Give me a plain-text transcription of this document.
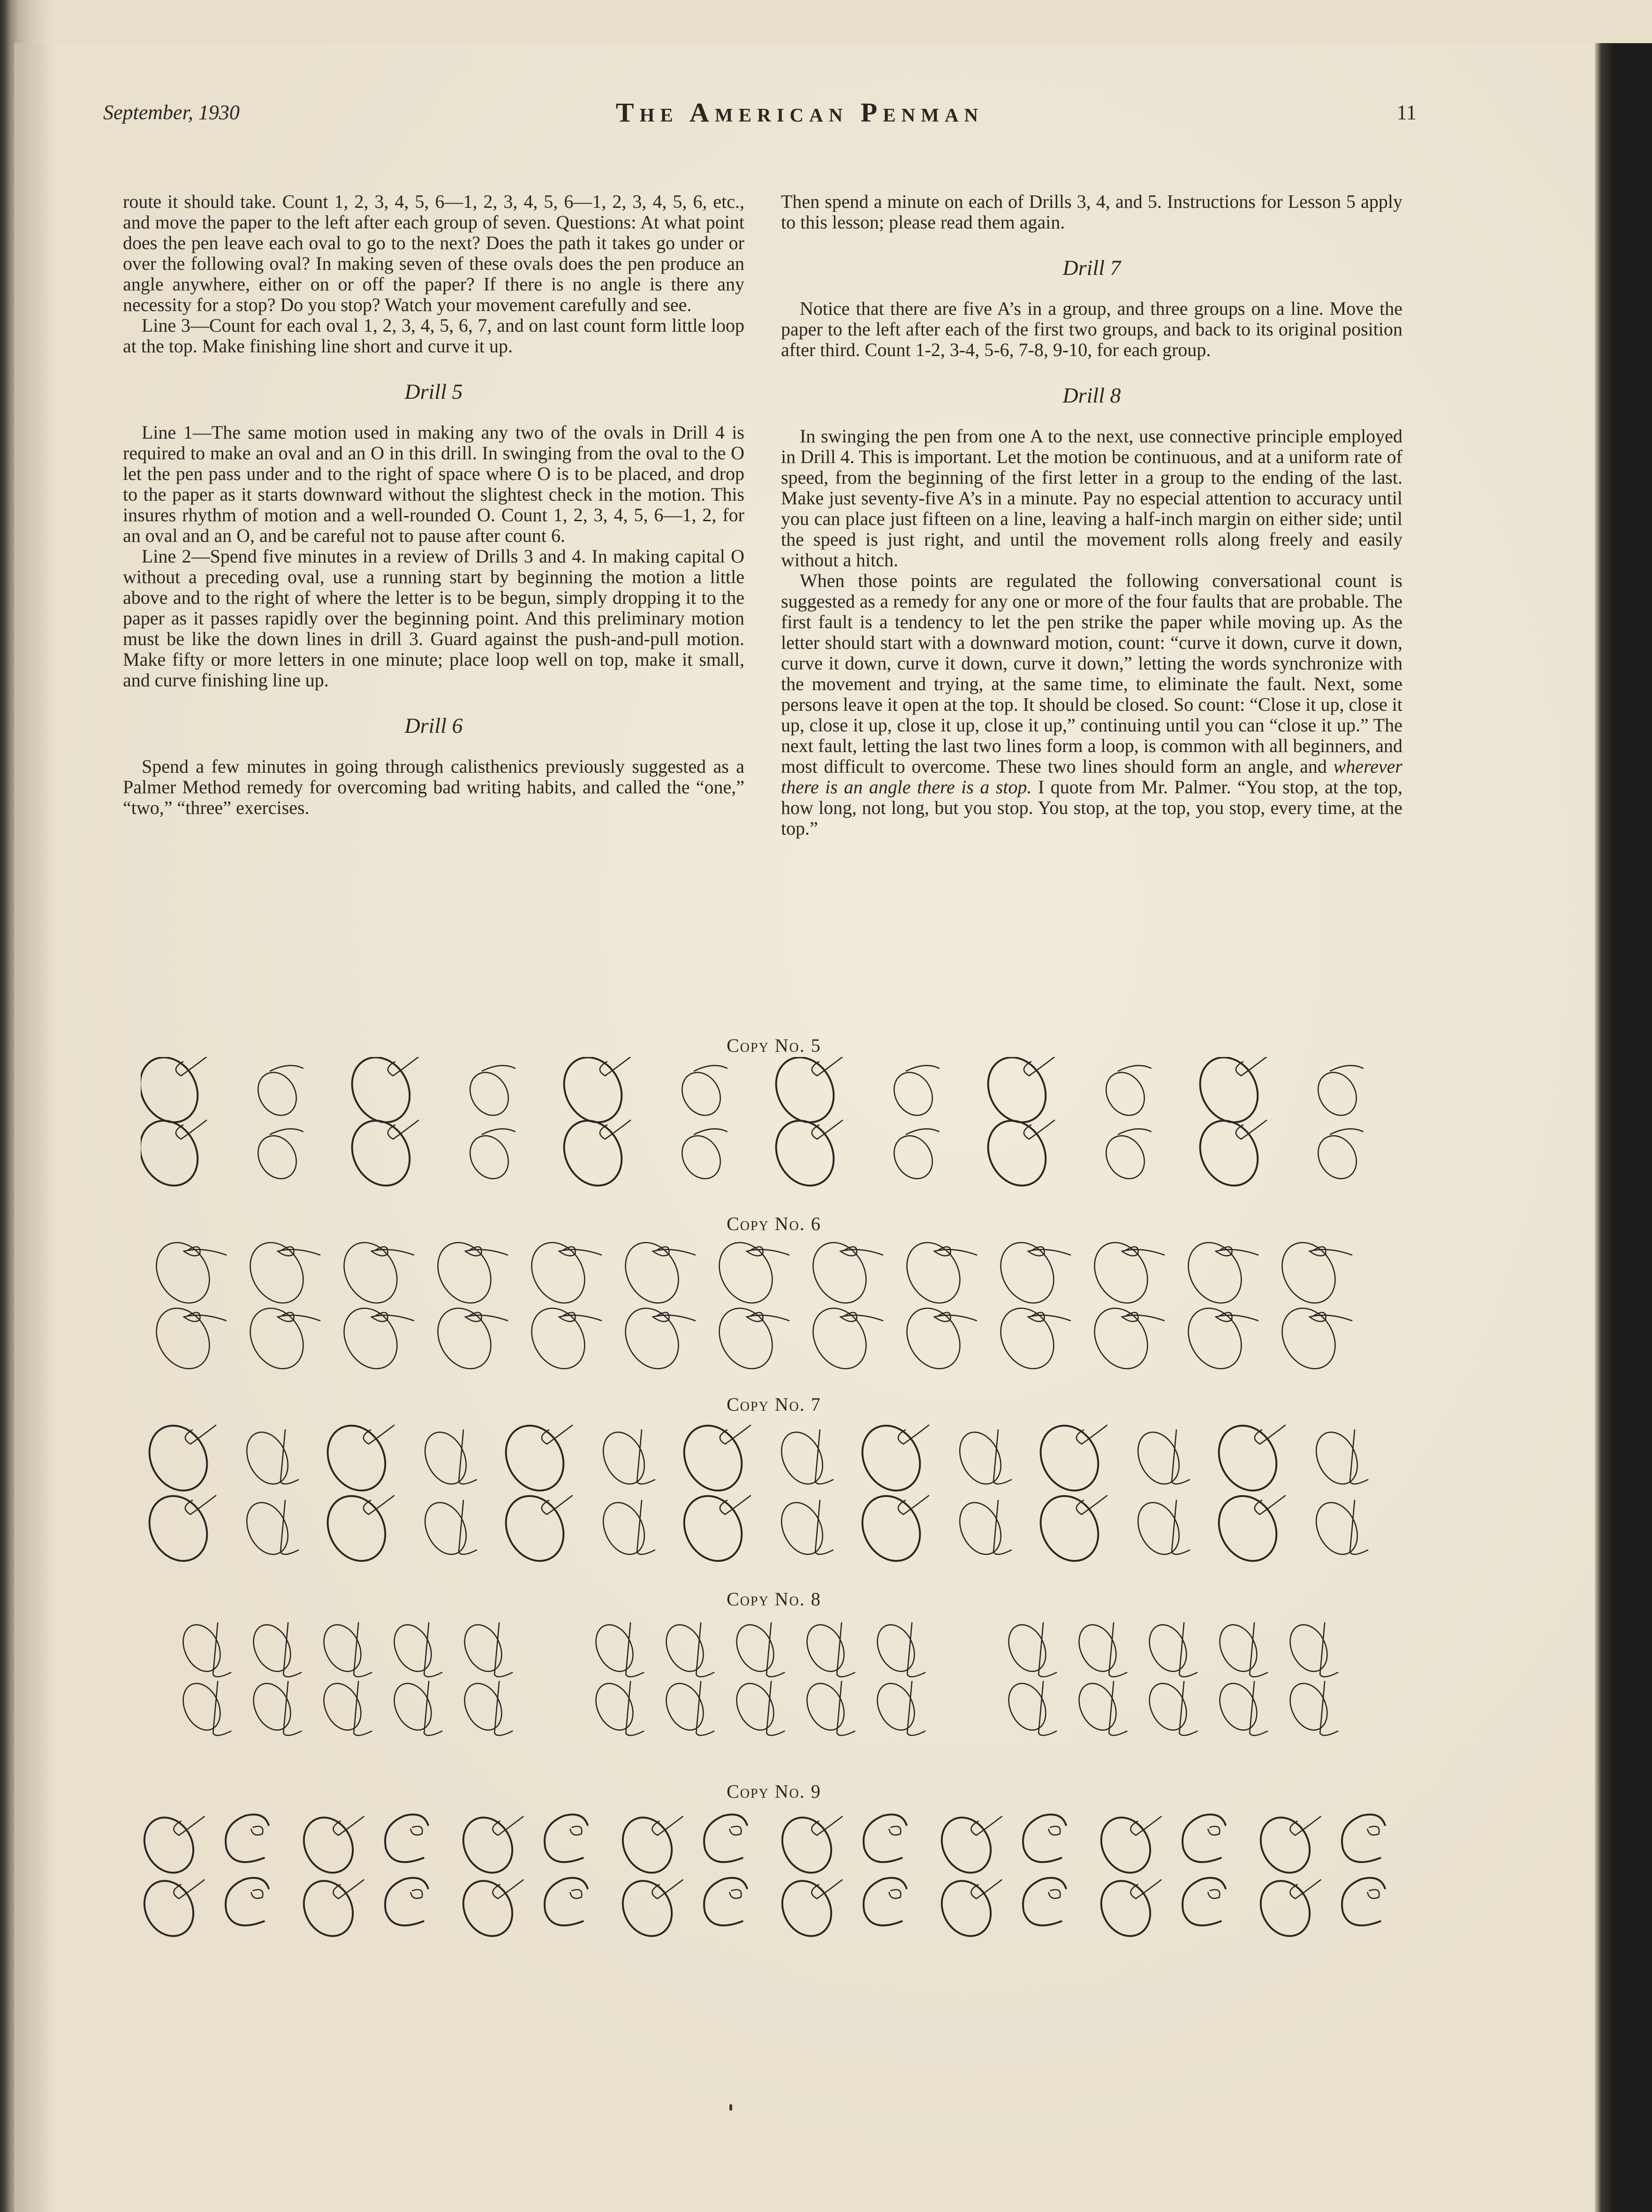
September, 1930	The American Penman	11

route it should take. Count 1, 2, 3, 4, 5, 6—1, 2, 3, 4, 5, 6—1, 2, 3, 4, 5, 6, etc., and move the paper to the left after each group of seven. Questions: At what point does the pen leave each oval to go to the next? Does the path it takes go under or over the following oval? In making seven of these ovals does the pen produce an angle anywhere, either on or off the paper? If there is no angle is there any necessity for a stop? Do you stop? Watch your movement carefully and see.

Line 3—Count for each oval 1, 2, 3, 4, 5, 6, 7, and on last count form little loop at the top. Make finishing line short and curve it up.

Drill 5

Line 1—The same motion used in making any two of the ovals in Drill 4 is required to make an oval and an O in this drill. In swinging from the oval to the O let the pen pass under and to the right of space where O is to be placed, and drop to the paper as it starts downward without the slightest check in the motion. This insures rhythm of motion and a well-rounded O. Count 1, 2, 3, 4, 5, 6—1, 2, for an oval and an O, and be careful not to pause after count 6.

Line 2—Spend five minutes in a review of Drills 3 and 4. In making capital O without a preceding oval, use a running start by beginning the motion a little above and to the right of where the letter is to be begun, simply dropping it to the paper as it passes rapidly over the beginning point. And this preliminary motion must be like the down lines in drill 3. Guard against the push-and-pull motion. Make fifty or more letters in one minute; place loop well on top, make it small, and curve finishing line up.

Drill 6

Spend a few minutes in going through calisthenics previously suggested as a Palmer Method remedy for overcoming bad writing habits, and called the “one,” “two,” “three” exercises.

Then spend a minute on each of Drills 3, 4, and 5. Instructions for Lesson 5 apply to this lesson; please read them again.

Drill 7

Notice that there are five A’s in a group, and three groups on a line. Move the paper to the left after each of the first two groups, and back to its original position after third. Count 1-2, 3-4, 5-6, 7-8, 9-10, for each group.

Drill 8

In swinging the pen from one A to the next, use connective principle employed in Drill 4. This is important. Let the motion be continuous, and at a uniform rate of speed, from the beginning of the first letter in a group to the ending of the last. Make just seventy-five A’s in a minute. Pay no especial attention to accuracy until you can place just fifteen on a line, leaving a half-inch margin on either side; until the speed is just right, and until the movement rolls along freely and easily without a hitch.

When those points are regulated the following conversational count is suggested as a remedy for any one or more of the four faults that are probable. The first fault is a tendency to let the pen strike the paper while moving up. As the letter should start with a downward motion, count: “curve it down, curve it down, curve it down, curve it down, curve it down,” letting the words synchronize with the movement and trying, at the same time, to eliminate the fault. Next, some persons leave it open at the top. It should be closed. So count: “Close it up, close it up, close it up, close it up, close it up,” continuing until you can “close it up.” The next fault, letting the last two lines form a loop, is common with all beginners, and most difficult to overcome. These two lines should form an angle, and wherever there is an angle there is a stop. I quote from Mr. Palmer. “You stop, at the top, how long, not long, but you stop. You stop, at the top, you stop, every time, at the top.”

Copy No. 5
Copy No. 6
Copy No. 7
Copy No. 8
Copy No. 9
